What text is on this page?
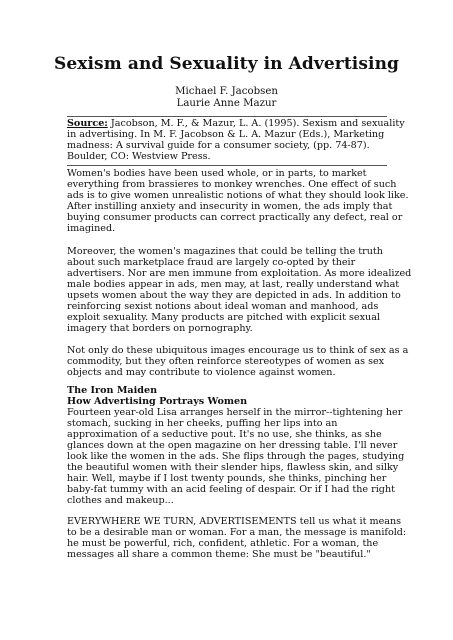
Sexism and Sexuality in Advertising
Michael F. Jacobsen
Laurie Anne Mazur
Source: Jacobson, M. F., & Mazur, L. A. (1995). Sexism and sexuality
in advertising. In M. F. Jacobson & L. A. Mazur (Eds.), Marketing
madness: A survival guide for a consumer society, (pp. 74-87).
Boulder, CO: Westview Press.
Women's bodies have been used whole, or in parts, to market
everything from brassieres to monkey wrenches. One effect of such
ads is to give women unrealistic notions of what they should look like.
After instilling anxiety and insecurity in women, the ads imply that
buying consumer products can correct practically any defect, real or
imagined.
Moreover, the women's magazines that could be telling the truth
about such marketplace fraud are largely co-opted by their
advertisers. Nor are men immune from exploitation. As more idealized
male bodies appear in ads, men may, at last, really understand what
upsets women about the way they are depicted in ads. In addition to
reinforcing sexist notions about ideal woman and manhood, ads
exploit sexuality. Many products are pitched with explicit sexual
imagery that borders on pornography.
Not only do these ubiquitous images encourage us to think of sex as a
commodity, but they often reinforce stereotypes of women as sex
objects and may contribute to violence against women.
The Iron Maiden
How Advertising Portrays Women
Fourteen year-old Lisa arranges herself in the mirror--tightening her
stomach, sucking in her cheeks, puffing her lips into an
approximation of a seductive pout. It's no use, she thinks, as she
glances down at the open magazine on her dressing table. I'll never
look like the women in the ads. She flips through the pages, studying
the beautiful women with their slender hips, flawless skin, and silky
hair. Well, maybe if I lost twenty pounds, she thinks, pinching her
baby-fat tummy with an acid feeling of despair. Or if I had the right
clothes and makeup...
EVERYWHERE WE TURN, ADVERTISEMENTS tell us what it means
to be a desirable man or woman. For a man, the message is manifold:
he must be powerful, rich, confident, athletic. For a woman, the
messages all share a common theme: She must be "beautiful."
